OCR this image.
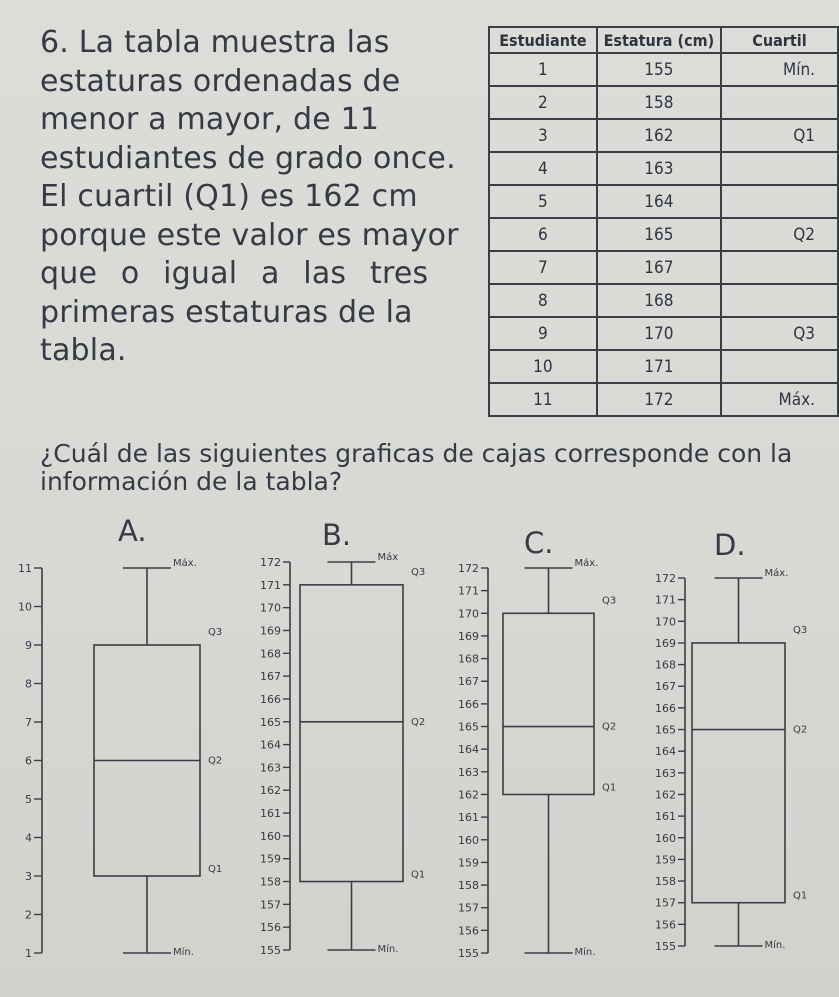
6. La tabla muestra las
estaturas ordenadas de
menor a mayor, de 11
estudiantes de grado once.
El cuartil (Q1) es 162 cm
porque este valor es mayor
que o igual a las tres
primeras estaturas de la
tabla.
Estudiante	Estatura (cm)	Cuartil
1	155	Mín.
2	158	
3	162	Q1
4	163	
5	164	
6	165	Q2
7	167	
8	168	
9	170	Q3
10	171	
11	172	Máx.
¿Cuál de las siguientes graficas de cajas corresponde con la información de la tabla?
A.	B.	C.	D.
11
10
9
8
7
6
5
4
3
2
1
Máx.
Mín.
Q3
Q2
Q1
172
171
170
169
168
167
166
165
164
163
162
161
160
159
158
157
156
155
Máx
Mín.
Q3
Q2
Q1
172
171
170
169
168
167
166
165
164
163
162
161
160
159
158
157
156
155
Máx.
Mín.
Q3
Q2
Q1
172
171
170
169
168
167
166
165
164
163
162
161
160
159
158
157
156
155
Máx.
Mín.
Q3
Q2
Q1
